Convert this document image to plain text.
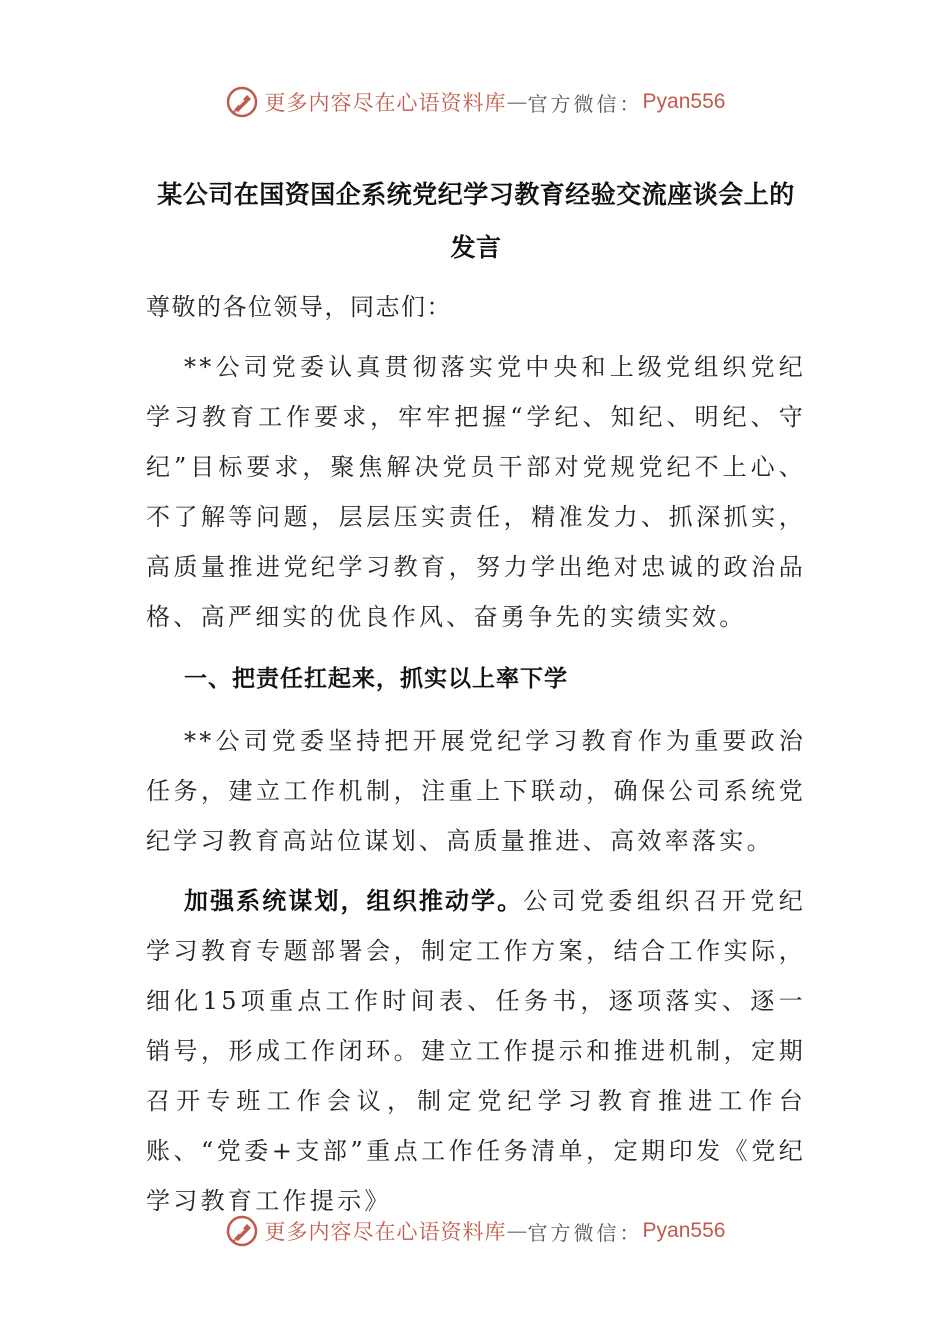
更多内容尽在心语资料库 — 官方微信： Pyan556
某公司在国资国企系统党纪学习教育经验交流座谈会上的
发言

尊敬的各位领导，同志们：

**公司党委认真贯彻落实党中央和上级党组织党纪学习教育工作要求，牢牢把握“学纪、知纪、明纪、守纪”目标要求，聚焦解决党员干部对党规党纪不上心、不了解等问题，层层压实责任，精准发力、抓深抓实，高质量推进党纪学习教育，努力学出绝对忠诚的政治品格、高严细实的优良作风、奋勇争先的实绩实效。

一、把责任扛起来，抓实以上率下学

**公司党委坚持把开展党纪学习教育作为重要政治任务，建立工作机制，注重上下联动，确保公司系统党纪学习教育高站位谋划、高质量推进、高效率落实。

加强系统谋划，组织推动学。公司党委组织召开党纪学习教育专题部署会，制定工作方案，结合工作实际，细化15项重点工作时间表、任务书，逐项落实、逐一销号，形成工作闭环。建立工作提示和推进机制，定期召开专班工作会议，制定党纪学习教育推进工作台账、“党委+支部”重点工作任务清单，定期印发《党纪学习教育工作提示》

更多内容尽在心语资料库 — 官方微信： Pyan556
